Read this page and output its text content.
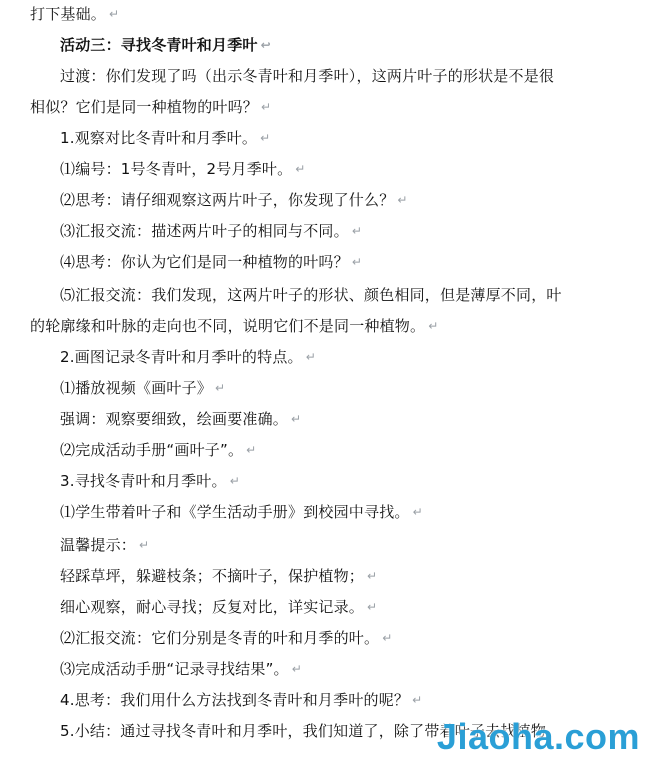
打下基础。 ↵
活动三：寻找冬青叶和月季叶 ↩
过渡：你们发现了吗（出示冬青叶和月季叶），这两片叶子的形状是不是很
相似？它们是同一种植物的叶吗？ ↵
1.观察对比冬青叶和月季叶。 ↵
⑴编号：1号冬青叶，2号月季叶。 ↵
⑵思考：请仔细观察这两片叶子，你发现了什么？ ↵
⑶汇报交流：描述两片叶子的相同与不同。 ↵
⑷思考：你认为它们是同一种植物的叶吗？ ↵
⑸汇报交流：我们发现，这两片叶子的形状、颜色相同，但是薄厚不同，叶
的轮廓缘和叶脉的走向也不同，说明它们不是同一种植物。 ↵
2.画图记录冬青叶和月季叶的特点。 ↵
⑴播放视频《画叶子》 ↵
强调：观察要细致，绘画要准确。 ↵
⑵完成活动手册“画叶子”。 ↵
3.寻找冬青叶和月季叶。 ↵
⑴学生带着叶子和《学生活动手册》到校园中寻找。 ↵
温馨提示： ↵
轻踩草坪，躲避枝条；不摘叶子，保护植物； ↵
细心观察，耐心寻找；反复对比，详实记录。 ↵
⑵汇报交流：它们分别是冬青的叶和月季的叶。 ↵
⑶完成活动手册“记录寻找结果”。 ↵
4.思考：我们用什么方法找到冬青叶和月季叶的呢？ ↵
5.小结：通过寻找冬青叶和月季叶，我们知道了，除了带着叶子去找植物，
Jiaoha.com
